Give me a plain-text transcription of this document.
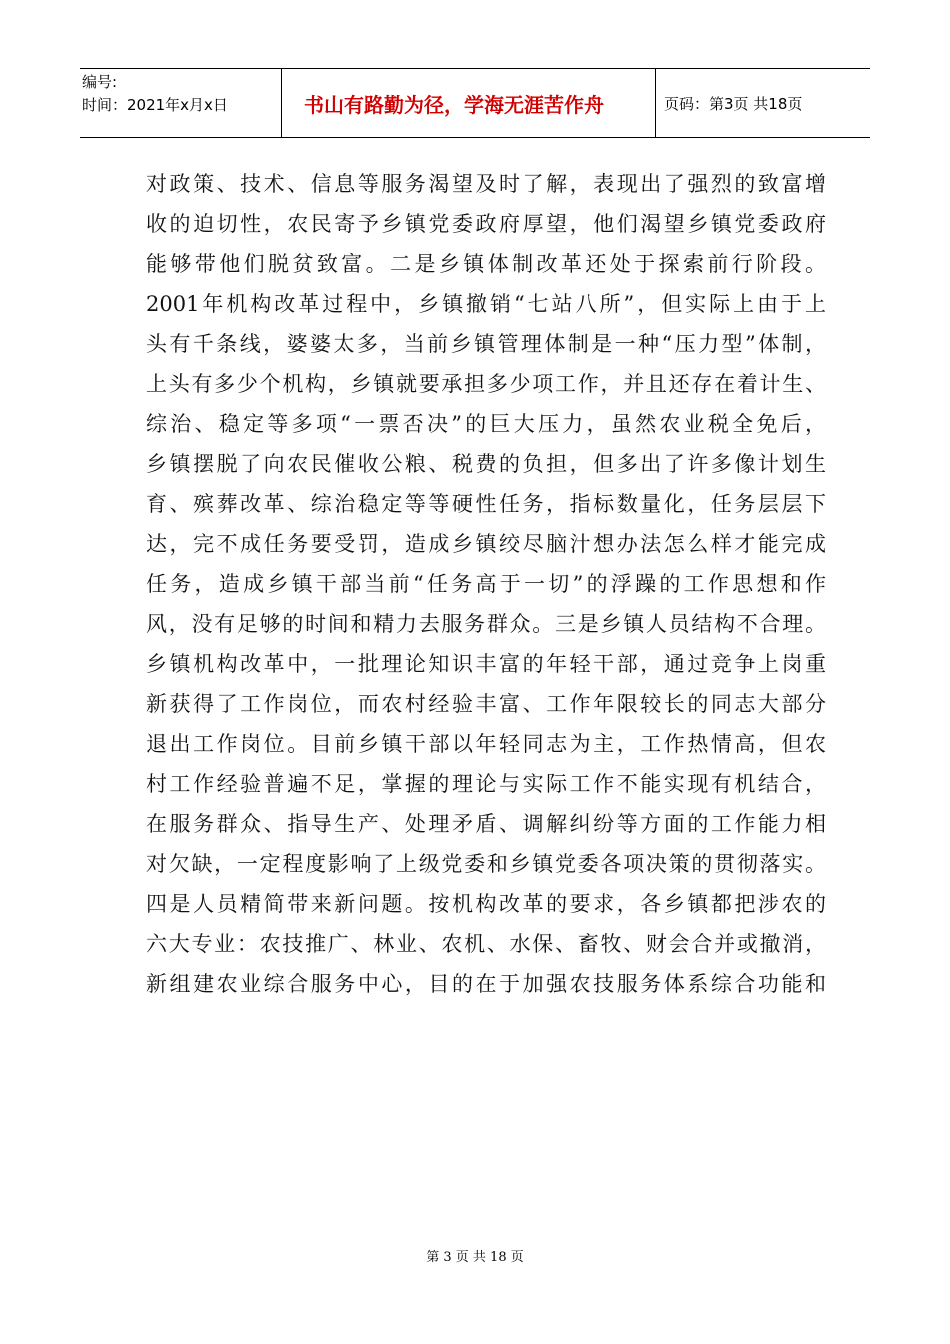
编号:
时间：2021年x月x日	书山有路勤为径，学海无涯苦作舟	页码：第3页 共18页
对政策、技术、信息等服务渴望及时了解，表现出了强烈的致富增
收的迫切性，农民寄予乡镇党委政府厚望，他们渴望乡镇党委政府
能够带他们脱贫致富。二是乡镇体制改革还处于探索前行阶段。
2001年机构改革过程中，乡镇撤销“七站八所”，但实际上由于上
头有千条线，婆婆太多，当前乡镇管理体制是一种“压力型”体制，
上头有多少个机构，乡镇就要承担多少项工作，并且还存在着计生、
综治、稳定等多项“一票否决”的巨大压力，虽然农业税全免后，
乡镇摆脱了向农民催收公粮、税费的负担，但多出了许多像计划生
育、殡葬改革、综治稳定等等硬性任务，指标数量化，任务层层下
达，完不成任务要受罚，造成乡镇绞尽脑汁想办法怎么样才能完成
任务，造成乡镇干部当前“任务高于一切”的浮躁的工作思想和作
风，没有足够的时间和精力去服务群众。三是乡镇人员结构不合理。
乡镇机构改革中，一批理论知识丰富的年轻干部，通过竞争上岗重
新获得了工作岗位，而农村经验丰富、工作年限较长的同志大部分
退出工作岗位。目前乡镇干部以年轻同志为主，工作热情高，但农
村工作经验普遍不足，掌握的理论与实际工作不能实现有机结合，
在服务群众、指导生产、处理矛盾、调解纠纷等方面的工作能力相
对欠缺，一定程度影响了上级党委和乡镇党委各项决策的贯彻落实。
四是人员精简带来新问题。按机构改革的要求，各乡镇都把涉农的
六大专业：农技推广、林业、农机、水保、畜牧、财会合并或撤消，
新组建农业综合服务中心，目的在于加强农技服务体系综合功能和
第 3 页 共 18 页
